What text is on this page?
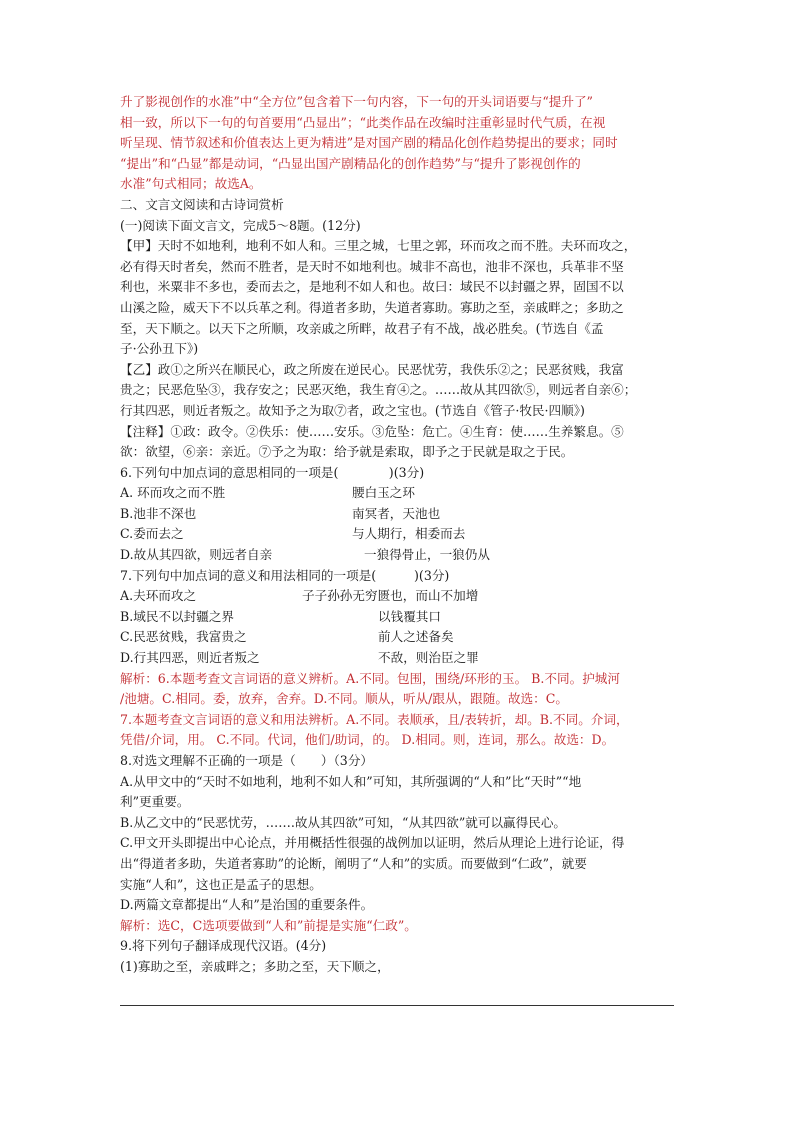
升了影视创作的水准”中“全方位”包含着下一句内容，下一句的开头词语要与“提升了”
相一致，所以下一句的句首要用“凸显出”；“此类作品在改编时注重彰显时代气质，在视
听呈现、情节叙述和价值表达上更为精进”是对国产剧的精品化创作趋势提出的要求；同时
“提出”和“凸显”都是动词，“凸显出国产剧精品化的创作趋势”与“提升了影视创作的
水准”句式相同；故选A。
二、文言文阅读和古诗词赏析
(一)阅读下面文言文，完成5～8题。(12分)
【甲】天时不如地利，地利不如人和。三里之城，七里之郭，环而攻之而不胜。夫环而攻之，
必有得天时者矣，然而不胜者，是天时不如地利也。城非不高也，池非不深也，兵革非不坚
利也，米粟非不多也，委而去之，是地利不如人和也。故曰：域民不以封疆之界，固国不以
山溪之险，威天下不以兵革之利。得道者多助，失道者寡助。寡助之至，亲戚畔之；多助之
至，天下顺之。以天下之所顺，攻亲戚之所畔，故君子有不战，战必胜矣。(节选自《孟
子·公孙丑下》)
【乙】政①之所兴在顺民心，政之所废在逆民心。民恶忧劳，我佚乐②之；民恶贫贱，我富
贵之；民恶危坠③，我存安之；民恶灭绝，我生育④之。……故从其四欲⑤，则远者自亲⑥；
行其四恶，则近者叛之。故知予之为取⑦者，政之宝也。(节选自《管子·牧民·四顺》)
【注释】①政：政令。②佚乐：使……安乐。③危坠：危亡。④生育：使……生养繁息。⑤
欲：欲望，⑥亲：亲近。⑦予之为取：给予就是索取，即予之于民就是取之于民。
6.下列句中加点词的意思相同的一项是(　　　　)(3分)
A. 环而攻之而不胜	腰白玉之环
B.池非不深也	南冥者，天池也
C.委而去之	与人期行，相委而去
D.故从其四欲，则远者自亲	一狼得骨止，一狼仍从
7.下列句中加点词的意义和用法相同的一项是(　　　)(3分)
A.夫环而攻之	子子孙孙无穷匮也，而山不加增
B.域民不以封疆之界	以钱覆其口
C.民恶贫贱，我富贵之	前人之述备矣
D.行其四恶，则近者叛之	不敌，则治臣之罪
解析：6.本题考查文言词语的意义辨析。A.不同。包围，围绕/环形的玉。 B.不同。护城河
/池塘。C.相同。委，放弃，舍弃。D.不同。顺从，听从/跟从，跟随。故选：C。
7.本题考查文言词语的意义和用法辨析。A.不同。表顺承，且/表转折，却。B.不同。介词，
凭借/介词，用。 C.不同。代词，他们/助词，的。 D.相同。则，连词，那么。故选：D。
8.对选文理解不正确的一项是（　　）（3分）
A.从甲文中的“天时不如地利，地利不如人和”可知，其所强调的“人和”比“天时”“地
利”更重要。
B.从乙文中的“民恶忧劳，…….故从其四欲”可知，“从其四欲”就可以赢得民心。
C.甲文开头即提出中心论点，并用概括性很强的战例加以证明，然后从理论上进行论证，得
出“得道者多助，失道者寡助”的论断，阐明了“人和”的实质。而要做到“仁政”，就要
实施“人和”，这也正是孟子的思想。
D.两篇文章都提出“人和”是治国的重要条件。
解析：选C，C选项要做到“人和”前提是实施“仁政”。
9.将下列句子翻译成现代汉语。(4分)
(1)寡助之至，亲戚畔之；多助之至，天下顺之，
